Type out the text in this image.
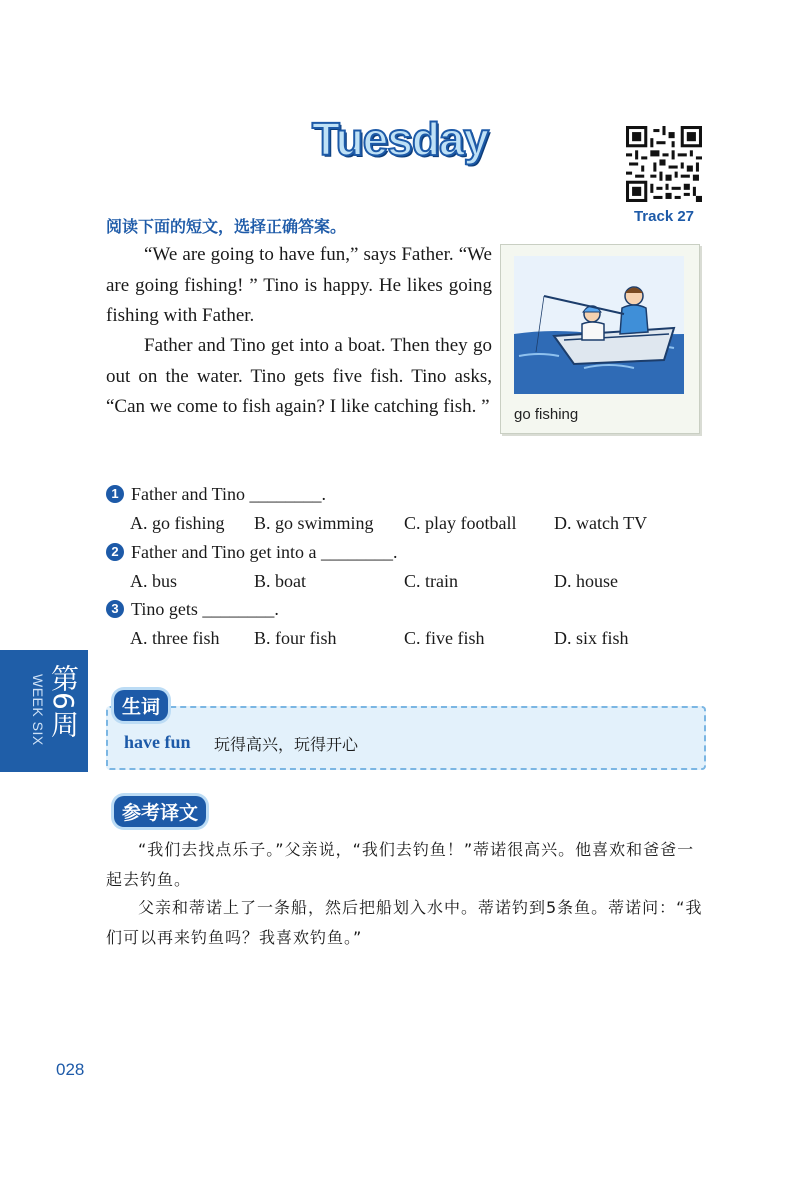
Tuesday
Track 27
阅读下面的短文，选择正确答案。
“We are going to have fun,” says Father. “We are going fishing! ” Tino is happy. He likes going fishing with Father.
Father and Tino get into a boat. Then they go out on the water. Tino gets five fish. Tino asks, “Can we come to fish again? I like catching fish. ” go fishing
1 Father and Tino ________.
A. go fishing B. go swimming C. play football D. watch TV
2 Father and Tino get into a ________.
A. bus	B. boat	C. train	D. house
3 Tino gets ________.
A. three fish B. four fish	C. five fish	D. six fish
WEEK SIX 第6周	生词
have fun 玩得高兴，玩得开心
参考译文
“我们去找点乐子。”父亲说，“我们去钓鱼！”蒂诺很高兴。他喜欢和爸爸一起去钓鱼。
父亲和蒂诺上了一条船，然后把船划入水中。蒂诺钓到5条鱼。蒂诺问：“我们可以再来钓鱼吗？我喜欢钓鱼。”
028
